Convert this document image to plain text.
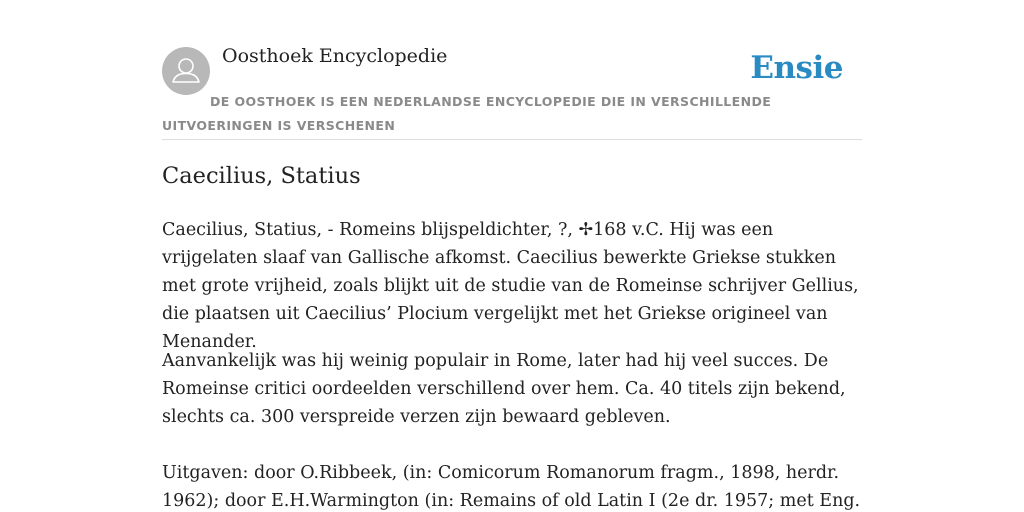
Oosthoek Encyclopedie	Ensie
DE OOSTHOEK IS EEN NEDERLANDSE ENCYCLOPEDIE DIE IN VERSCHILLENDE UITVOERINGEN IS VERSCHENEN
Caecilius, Statius

Caecilius, Statius, - Romeins blijspeldichter, ?, ✢168 v.C. Hij was een vrijgelaten slaaf van Gallische afkomst. Caecilius bewerkte Griekse stukken met grote vrijheid, zoals blijkt uit de studie van de Romeinse schrijver Gellius, die plaatsen uit Caecilius’ Plocium vergelijkt met het Griekse origineel van Menander.

Aanvankelijk was hij weinig populair in Rome, later had hij veel succes. De Romeinse critici oordeelden verschillend over hem. Ca. 40 titels zijn bekend, slechts ca. 300 verspreide verzen zijn bewaard gebleven.

Uitgaven: door O.Ribbeek, (in: Comicorum Romanorum fragm., 1898, herdr. 1962); door E.H.Warmington (in: Remains of old Latin I (2e dr. 1957; met Eng.
